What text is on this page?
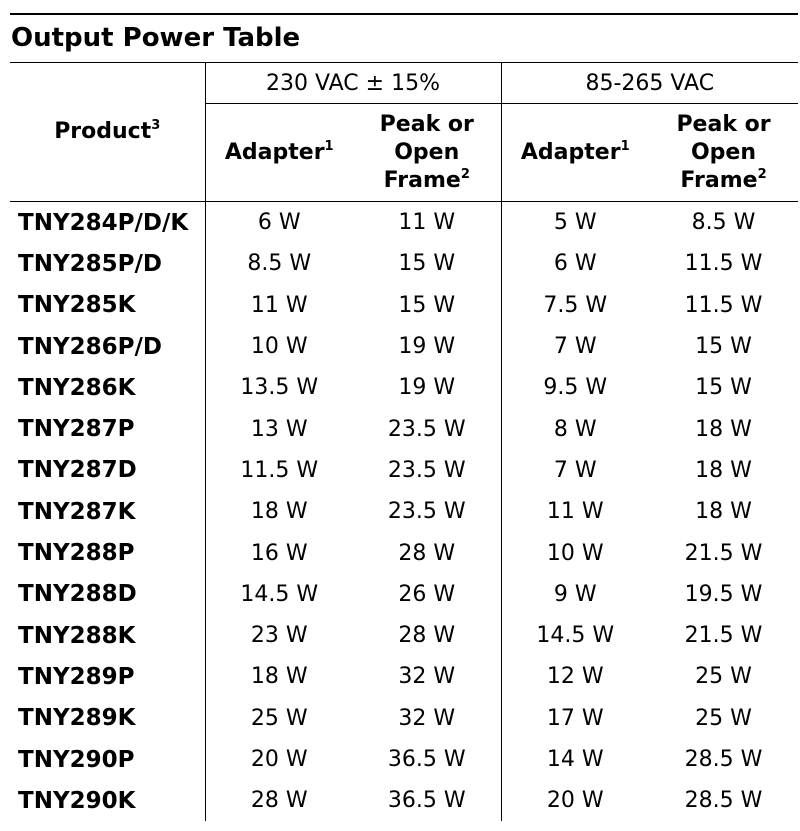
Output Power Table
Product$^3$	230 VAC ± 15%		85-265 VAC	
	Adapter$^1$	Peak or
Open
Frame$^2$	Adapter$^1$	Peak or
Open
Frame$^2$
TNY284P/D/K	6 W	11 W	5 W	8.5 W
TNY285P/D	8.5 W	15 W	6 W	11.5 W
TNY285K	11 W	15 W	7.5 W	11.5 W
TNY286P/D	10 W	19 W	7 W	15 W
TNY286K	13.5 W	19 W	9.5 W	15 W
TNY287P	13 W	23.5 W	8 W	18 W
TNY287D	11.5 W	23.5 W	7 W	18 W
TNY287K	18 W	23.5 W	11 W	18 W
TNY288P	16 W	28 W	10 W	21.5 W
TNY288D	14.5 W	26 W	9 W	19.5 W
TNY288K	23 W	28 W	14.5 W	21.5 W
TNY289P	18 W	32 W	12 W	25 W
TNY289K	25 W	32 W	17 W	25 W
TNY290P	20 W	36.5 W	14 W	28.5 W
TNY290K	28 W	36.5 W	20 W	28.5 W
